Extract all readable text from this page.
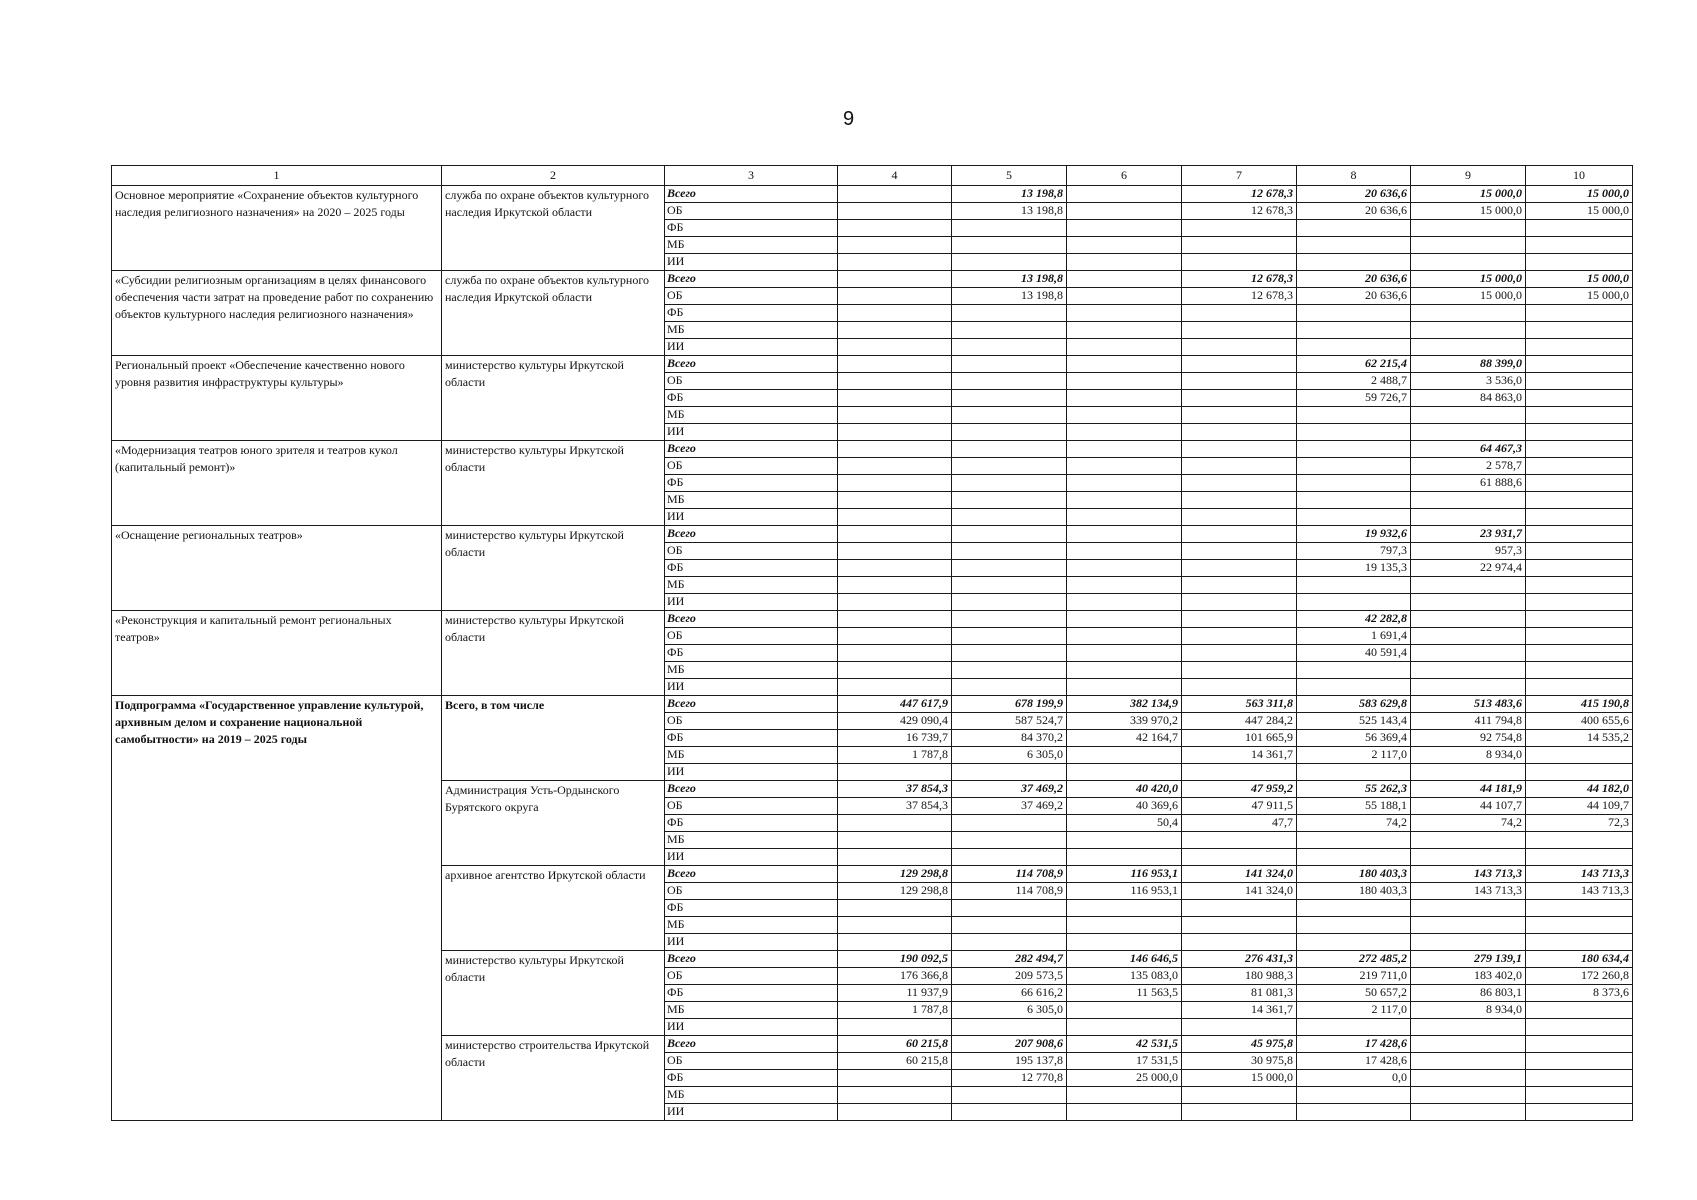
9
1	2	3	4	5	6	7	8	9	10
Основное мероприятие «Сохранение объектов культурного наследия религиозного назначения» на 2020 – 2025 годы	служба по охране объектов культурного наследия Иркутской области	Всего		13 198,8		12 678,3	20 636,6	15 000,0	15 000,0
		ОБ		13 198,8		12 678,3	20 636,6	15 000,0	15 000,0
		ФБ							
		МБ							
		ИИ							
«Субсидии религиозным организациям в целях финансового обеспечения части затрат на проведение работ по сохранению объектов культурного наследия религиозного назначения»	служба по охране объектов культурного наследия Иркутской области	Всего		13 198,8		12 678,3	20 636,6	15 000,0	15 000,0
		ОБ		13 198,8		12 678,3	20 636,6	15 000,0	15 000,0
		ФБ							
		МБ							
		ИИ							
Региональный проект «Обеспечение качественно нового уровня развития инфраструктуры культуры»	министерство культуры Иркутской области	Всего					62 215,4	88 399,0	
		ОБ					2 488,7	3 536,0	
		ФБ					59 726,7	84 863,0	
		МБ							
		ИИ							
«Модернизация театров юного зрителя и театров кукол (капитальный ремонт)»	министерство культуры Иркутской области	Всего						64 467,3	
		ОБ						2 578,7	
		ФБ						61 888,6	
		МБ							
		ИИ							
«Оснащение региональных театров»	министерство культуры Иркутской области	Всего					19 932,6	23 931,7	
		ОБ					797,3	957,3	
		ФБ					19 135,3	22 974,4	
		МБ							
		ИИ							
«Реконструкция и капитальный ремонт региональных театров»	министерство культуры Иркутской области	Всего					42 282,8		
		ОБ					1 691,4		
		ФБ					40 591,4		
		МБ							
		ИИ							
Подпрограмма «Государственное управление культурой, архивным делом и сохранение национальной самобытности» на 2019 – 2025 годы	Всего, в том числе	Всего	447 617,9	678 199,9	382 134,9	563 311,8	583 629,8	513 483,6	415 190,8
		ОБ	429 090,4	587 524,7	339 970,2	447 284,2	525 143,4	411 794,8	400 655,6
		ФБ	16 739,7	84 370,2	42 164,7	101 665,9	56 369,4	92 754,8	14 535,2
		МБ	1 787,8	6 305,0		14 361,7	2 117,0	8 934,0	
		ИИ							
	Администрация Усть-Ордынского Бурятского округа	Всего	37 854,3	37 469,2	40 420,0	47 959,2	55 262,3	44 181,9	44 182,0
		ОБ	37 854,3	37 469,2	40 369,6	47 911,5	55 188,1	44 107,7	44 109,7
		ФБ			50,4	47,7	74,2	74,2	72,3
		МБ							
		ИИ							
	архивное агентство Иркутской области	Всего	129 298,8	114 708,9	116 953,1	141 324,0	180 403,3	143 713,3	143 713,3
		ОБ	129 298,8	114 708,9	116 953,1	141 324,0	180 403,3	143 713,3	143 713,3
		ФБ							
		МБ							
		ИИ							
	министерство культуры Иркутской области	Всего	190 092,5	282 494,7	146 646,5	276 431,3	272 485,2	279 139,1	180 634,4
		ОБ	176 366,8	209 573,5	135 083,0	180 988,3	219 711,0	183 402,0	172 260,8
		ФБ	11 937,9	66 616,2	11 563,5	81 081,3	50 657,2	86 803,1	8 373,6
		МБ	1 787,8	6 305,0		14 361,7	2 117,0	8 934,0	
		ИИ							
	министерство строительства Иркутской области	Всего	60 215,8	207 908,6	42 531,5	45 975,8	17 428,6		
		ОБ	60 215,8	195 137,8	17 531,5	30 975,8	17 428,6		
		ФБ		12 770,8	25 000,0	15 000,0	0,0		
		МБ							
		ИИ							
